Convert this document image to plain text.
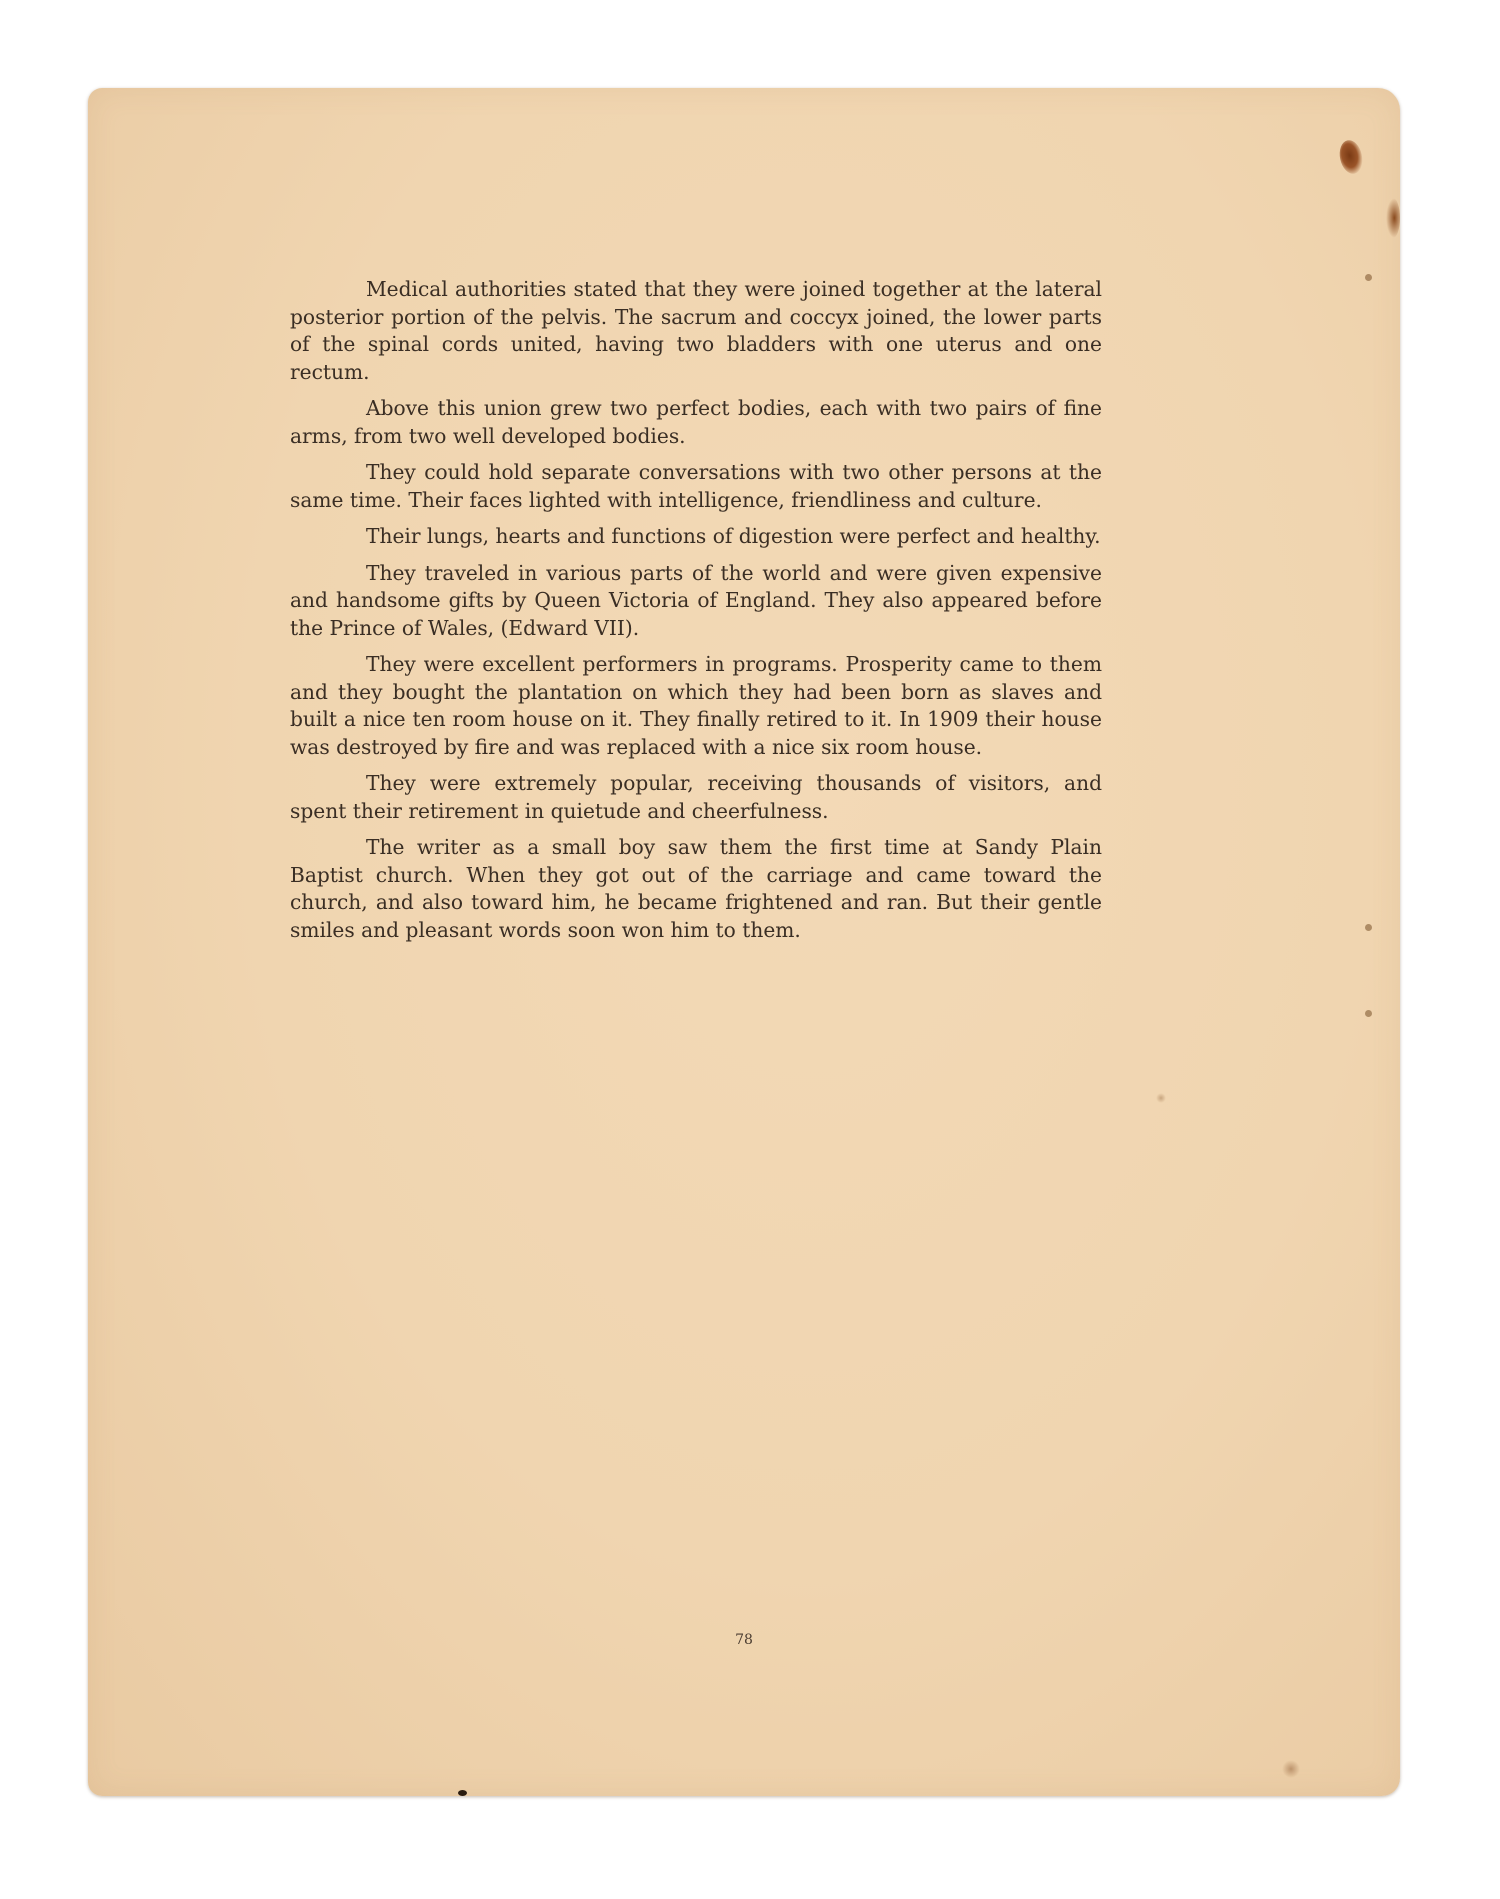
Medical authorities stated that they were joined together at the lateral posterior portion of the pelvis. The sacrum and coccyx joined, the lower parts of the spinal cords united, having two bladders with one uterus and one rectum.

Above this union grew two perfect bodies, each with two pairs of fine arms, from two well developed bodies.

They could hold separate conversations with two other persons at the same time. Their faces lighted with intelligence, friendliness and culture.

Their lungs, hearts and functions of digestion were perfect and healthy.

They traveled in various parts of the world and were given expensive and handsome gifts by Queen Victoria of England. They also appeared before the Prince of Wales, (Edward VII).

They were excellent performers in programs. Prosperity came to them and they bought the plantation on which they had been born as slaves and built a nice ten room house on it. They finally retired to it. In 1909 their house was destroyed by fire and was replaced with a nice six room house.

They were extremely popular, receiving thousands of visitors, and spent their retirement in quietude and cheerfulness.

The writer as a small boy saw them the first time at Sandy Plain Baptist church. When they got out of the carriage and came toward the church, and also toward him, he became frightened and ran. But their gentle smiles and pleasant words soon won him to them.

78
